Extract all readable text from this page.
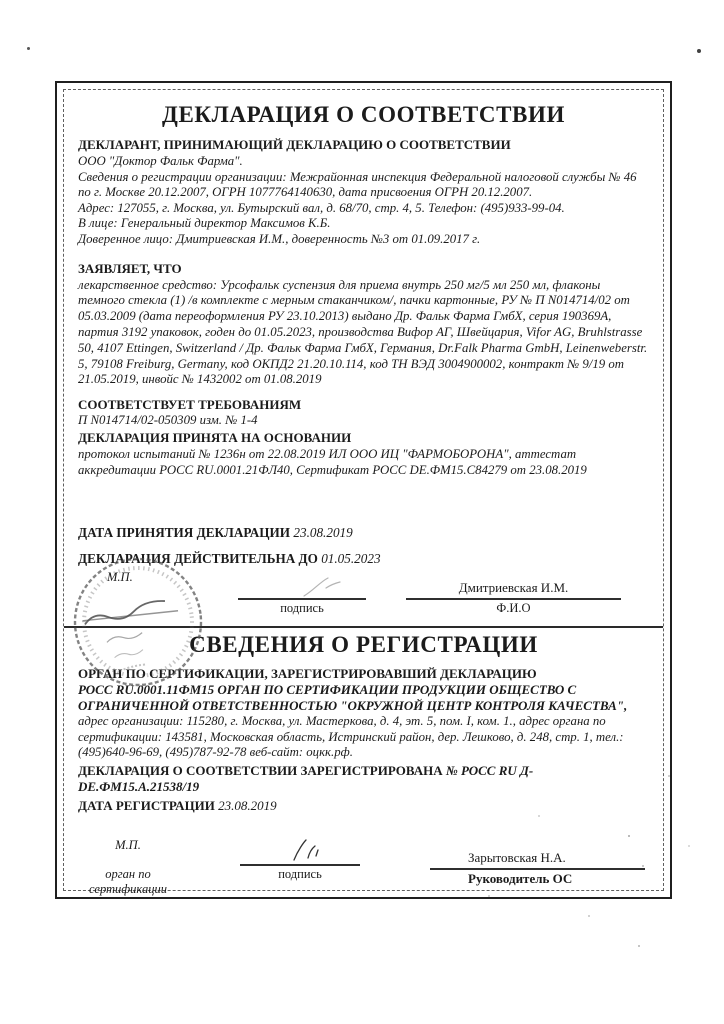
ДЕКЛАРАЦИЯ О СООТВЕТСТВИИ
ДЕКЛАРАНТ, ПРИНИМАЮЩИЙ ДЕКЛАРАЦИЮ О СООТВЕТСТВИИ
ООО "Доктор Фальк Фарма".
Сведения о регистрации организации: Межрайонная инспекция Федеральной налоговой службы № 46 по г. Москве 20.12.2007, ОГРН 1077764140630, дата присвоения ОГРН 20.12.2007.
Адрес: 127055, г. Москва, ул. Бутырский вал, д. 68/70, стр. 4, 5. Телефон: (495)933-99-04.
В лице: Генеральный директор Максимов К.Б.
Доверенное лицо: Дмитриевская И.М., доверенность №3 от 01.09.2017 г.
ЗАЯВЛЯЕТ, ЧТО
лекарственное средство: Урсофальк суспензия для приема внутрь 250 мг/5 мл 250 мл, флаконы темного стекла (1) /в комплекте с мерным стаканчиком/, пачки картонные, РУ № П N014714/02 от 05.03.2009 (дата переоформления РУ 23.10.2013) выдано Др. Фальк Фарма ГмбХ, серия 190369А, партия 3192 упаковок, годен до 01.05.2023, производства Вифор АГ, Швейцария, Vifor AG, Bruhlstrasse 50, 4107 Ettingen, Switzerland / Др. Фальк Фарма ГмбХ, Германия, Dr.Falk Pharma GmbH, Leinenweberstr. 5, 79108 Freiburg, Germany, код ОКПД2 21.20.10.114, код ТН ВЭД 3004900002, контракт № 9/19 от 21.05.2019, инвойс № 1432002 от 01.08.2019
СООТВЕТСТВУЕТ ТРЕБОВАНИЯМ
П N014714/02-050309 изм. № 1-4
ДЕКЛАРАЦИЯ ПРИНЯТА НА ОСНОВАНИИ
протокол испытаний № 1236н от 22.08.2019 ИЛ ООО ИЦ "ФАРМОБОРОНА", аттестат аккредитации РОСС RU.0001.21ФЛ40, Сертификат РОСС DE.ФМ15.С84279 от 23.08.2019
ДАТА ПРИНЯТИЯ ДЕКЛАРАЦИИ 23.08.2019
ДЕКЛАРАЦИЯ ДЕЙСТВИТЕЛЬНА ДО 01.05.2023
подпись
Дмитриевская И.М.
Ф.И.О
СВЕДЕНИЯ О РЕГИСТРАЦИИ
ОРГАН ПО СЕРТИФИКАЦИИ, ЗАРЕГИСТРИРОВАВШИЙ ДЕКЛАРАЦИЮ
РОСС RU.0001.11ФМ15 ОРГАН ПО СЕРТИФИКАЦИИ ПРОДУКЦИИ ОБЩЕСТВО С ОГРАНИЧЕННОЙ ОТВЕТСТВЕННОСТЬЮ "ОКРУЖНОЙ ЦЕНТР КОНТРОЛЯ КАЧЕСТВА",
адрес организации: 115280, г. Москва, ул. Мастеркова, д. 4, эт. 5, пом. I, ком. 1., адрес органа по сертификации: 143581, Московская область, Истринский район, дер. Лешково, д. 248, стр. 1, тел.: (495)640-96-69, (495)787-92-78 веб-сайт: оцкк.рф.
ДЕКЛАРАЦИЯ О СООТВЕТСТВИИ ЗАРЕГИСТРИРОВАНА № РОСС RU Д-DE.ФМ15.А.21538/19
ДАТА РЕГИСТРАЦИИ 23.08.2019
М.П.
орган по
сертификации
подпись
Зарытовская Н.А.
Руководитель ОС
М.П.
